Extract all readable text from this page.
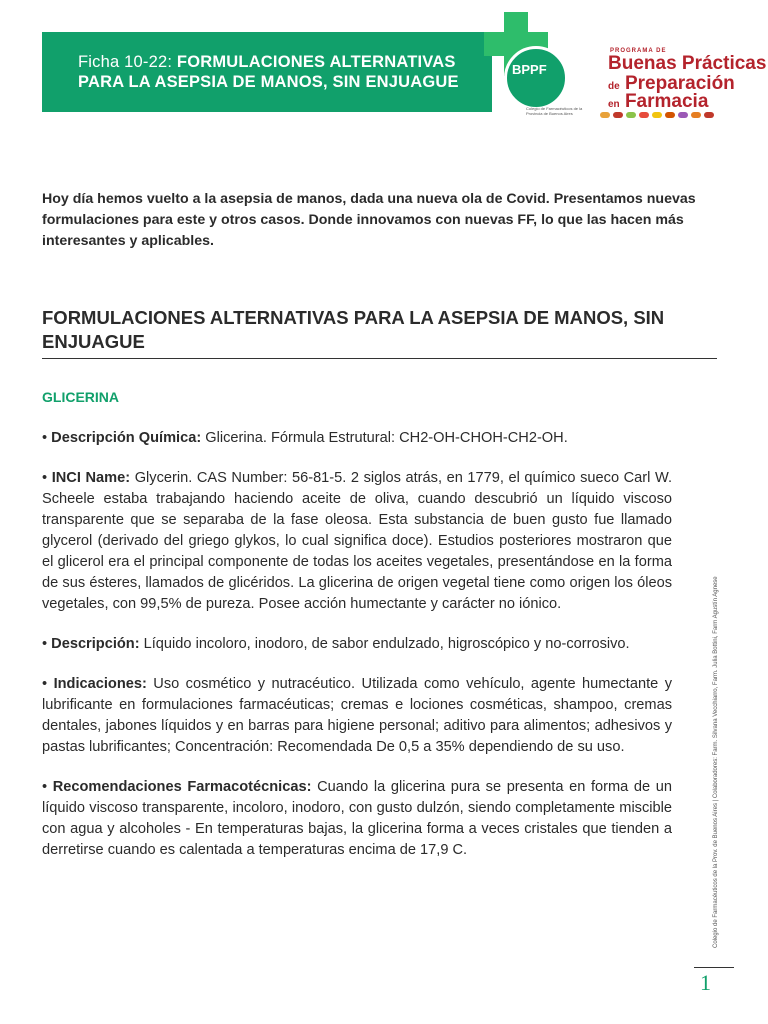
Ficha 10-22: FORMULACIONES ALTERNATIVAS
PARA LA ASEPSIA DE MANOS, SIN ENJUAGUE
BPPF
Colegio de Farmacéuticos de la Provincia de Buenos Aires
PROGRAMA DE
Buenas Prácticas
de Preparación
en Farmacia
Hoy día hemos vuelto a la asepsia de manos, dada una nueva ola de Covid. Presentamos nuevas formulaciones para este y otros casos. Donde innovamos con nuevas FF, lo que las hacen más interesantes y aplicables.
FORMULACIONES ALTERNATIVAS PARA LA ASEPSIA DE MANOS, SIN ENJUAGUE
GLICERINA

• Descripción Química: Glicerina. Fórmula Estrutural: CH2-OH-CHOH-CH2-OH.

• INCI Name: Glycerin. CAS Number: 56-81-5. 2 siglos atrás, en 1779, el químico sueco Carl W. Scheele estaba trabajando haciendo aceite de oliva, cuando descubrió un líquido viscoso transparente que se separaba de la fase oleosa. Esta substancia de buen gusto fue llamado glycerol (derivado del griego glykos, lo cual significa doce). Estudios posteriores mostraron que el glicerol era el principal componente de todas los aceites vegetales, presentándose en la forma de sus ésteres, llamados de glicéridos. La glicerina de origen vegetal tiene como origen los óleos vegetales, con 99,5% de pureza. Posee acción humectante y carácter no iónico.

• Descripción: Líquido incoloro, inodoro, de sabor endulzado, higroscópico y no-corrosivo.

• Indicaciones: Uso cosmético y nutracéutico. Utilizada como vehículo, agente humectante y lubrificante en formulaciones farmacéuticas; cremas e lociones cosméticas, shampoo, cremas dentales, jabones líquidos y en barras para higiene personal; aditivo para alimentos; adhesivos y pastas lubrificantes; Concentración: Recomendada De 0,5 a 35% dependiendo de su uso.

• Recomendaciones Farmacotécnicas: Cuando la glicerina pura se presenta en forma de un líquido viscoso transparente, incoloro, inodoro, con gusto dulzón, siendo completamente miscible con agua y alcoholes - En temperaturas bajas, la glicerina forma a veces cristales que tienden a derretirse cuando es calentada a temperaturas encima de 17,9 C.	Colegio de Farmacéuticos de la Prov. de Buenos Aires | Colaboradores: Farm. Silvana Vecchiarro, Farm. Julia Bottini, Farm Agustín Agnese
1
